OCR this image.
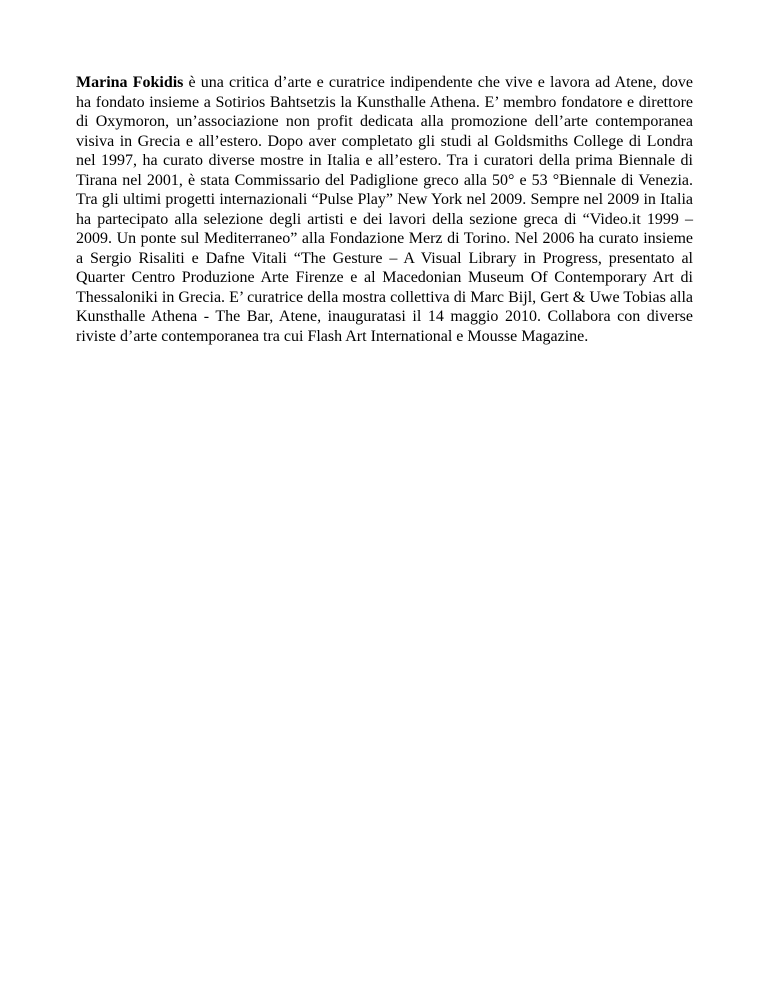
Marina Fokidis è una critica d’arte e curatrice indipendente che vive e lavora ad Atene, dove ha fondato insieme a Sotirios Bahtsetzis la Kunsthalle Athena. E’ membro fondatore e direttore di Oxymoron, un’associazione non profit dedicata alla promozione dell’arte contemporanea visiva in Grecia e all’estero. Dopo aver completato gli studi al Goldsmiths College di Londra nel 1997, ha curato diverse mostre in Italia e all’estero. Tra i curatori della prima Biennale di Tirana nel 2001, è stata Commissario del Padiglione greco alla 50° e 53 °Biennale di Venezia. Tra gli ultimi progetti internazionali “Pulse Play” New York nel 2009. Sempre nel 2009 in Italia ha partecipato alla selezione degli artisti e dei lavori della sezione greca di “Video.it 1999 – 2009. Un ponte sul Mediterraneo” alla Fondazione Merz di Torino. Nel 2006 ha curato insieme a Sergio Risaliti e Dafne Vitali “The Gesture – A Visual Library in Progress, presentato al Quarter Centro Produzione Arte Firenze e al Macedonian Museum Of Contemporary Art di Thessaloniki in Grecia. E’ curatrice della mostra collettiva di Marc Bijl, Gert & Uwe Tobias alla Kunsthalle Athena - The Bar, Atene, inauguratasi il 14 maggio 2010. Collabora con diverse riviste d’arte contemporanea tra cui Flash Art International e Mousse Magazine.
